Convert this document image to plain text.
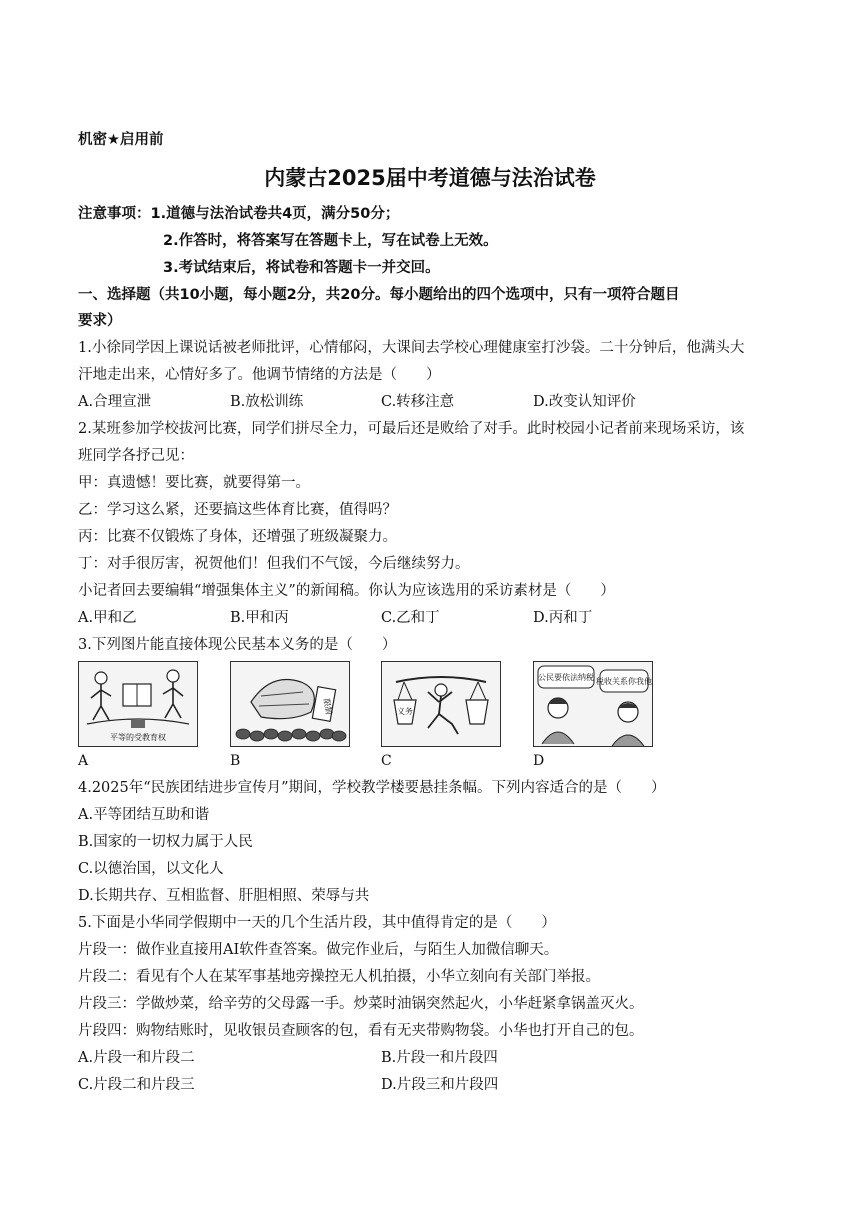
机密★启用前
内蒙古2025届中考道德与法治试卷
注意事项：1.道德与法治试卷共4页，满分50分；
2.作答时，将答案写在答题卡上，写在试卷上无效。
3.考试结束后，将试卷和答题卡一并交回。
一、选择题（共10小题，每小题2分，共20分。每小题给出的四个选项中，只有一项符合题目
要求）
1.小徐同学因上课说话被老师批评，心情郁闷，大课间去学校心理健康室打沙袋。二十分钟后，他满头大
汗地走出来，心情好多了。他调节情绪的方法是（　　）
A.合理宣泄	B.放松训练	C.转移注意	D.改变认知评价
2.某班参加学校拔河比赛，同学们拼尽全力，可最后还是败给了对手。此时校园小记者前来现场采访，该
班同学各抒己见：
甲：真遗憾！要比赛，就要得第一。
乙：学习这么紧，还要搞这些体育比赛，值得吗？
丙：比赛不仅锻炼了身体，还增强了班级凝聚力。
丁：对手很厉害，祝贺他们！但我们不气馁，今后继续努力。
小记者回去要编辑“增强集体主义”的新闻稿。你认为应该选用的采访素材是（　　）
A.甲和乙	B.甲和丙	C.乙和丁	D.丙和丁
3.下列图片能直接体现公民基本义务的是（　　）
平等的受教育权
限制	义务
公民要依法纳税 税收关系你我他
A	B	C	D
4.2025年“民族团结进步宣传月”期间，学校教学楼要悬挂条幅。下列内容适合的是（　　）
A.平等团结互助和谐
B.国家的一切权力属于人民
C.以德治国，以文化人
D.长期共存、互相监督、肝胆相照、荣辱与共
5.下面是小华同学假期中一天的几个生活片段，其中值得肯定的是（　　）
片段一：做作业直接用AI软件查答案。做完作业后，与陌生人加微信聊天。
片段二：看见有个人在某军事基地旁操控无人机拍摄，小华立刻向有关部门举报。
片段三：学做炒菜，给辛劳的父母露一手。炒菜时油锅突然起火，小华赶紧拿锅盖灭火。
片段四：购物结账时，见收银员查顾客的包，看有无夹带购物袋。小华也打开自己的包。
A.片段一和片段二	B.片段一和片段四
C.片段二和片段三	D.片段三和片段四
